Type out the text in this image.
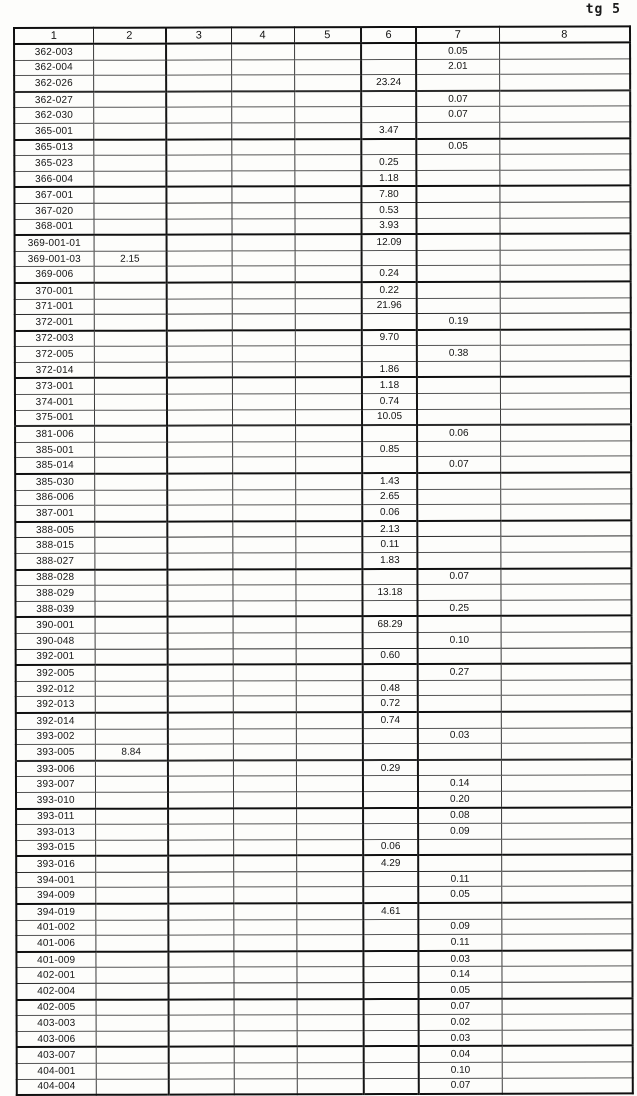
tg 5
1	2	3	4	5	6	7	8
362-003						0.05	
362-004						2.01	
362-026					23.24		
362-027						0.07	
362-030						0.07	
365-001					3.47		
365-013						0.05	
365-023					0.25		
366-004					1.18		
367-001					7.80		
367-020					0.53		
368-001					3.93		
369-001-01					12.09		
369-001-03	2.15						
369-006					0.24		
370-001					0.22		
371-001					21.96		
372-001						0.19	
372-003					9.70		
372-005						0.38	
372-014					1.86		
373-001					1.18		
374-001					0.74		
375-001					10.05		
381-006						0.06	
385-001					0.85		
385-014						0.07	
385-030					1.43		
386-006					2.65		
387-001					0.06		
388-005					2.13		
388-015					0.11		
388-027					1.83		
388-028						0.07	
388-029					13.18		
388-039						0.25	
390-001					68.29		
390-048						0.10	
392-001					0.60		
392-005						0.27	
392-012					0.48		
392-013					0.72		
392-014					0.74		
393-002						0.03	
393-005	8.84						
393-006					0.29		
393-007						0.14	
393-010						0.20	
393-011						0.08	
393-013						0.09	
393-015					0.06		
393-016					4.29		
394-001						0.11	
394-009						0.05	
394-019					4.61		
401-002						0.09	
401-006						0.11	
401-009						0.03	
402-001						0.14	
402-004						0.05	
402-005						0.07	
403-003						0.02	
403-006						0.03	
403-007						0.04	
404-001						0.10	
404-004						0.07	
